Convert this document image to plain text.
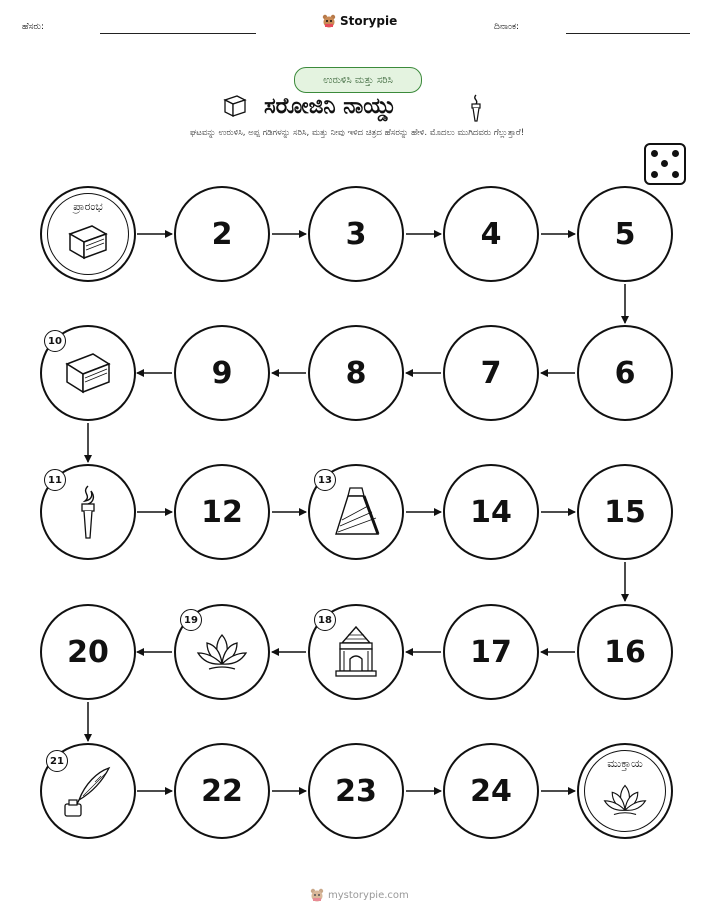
ಹೆಸರು:	Storypie	ದಿನಾಂಕ:
ಉರುಳಿಸಿ ಮತ್ತು ಸರಿಸಿ
ಸರೋಜಿನಿ ನಾಯ್ಡು
ಘಟವನ್ನು ಉರುಳಿಸಿ, ಅಪ್ಪ ಗಡಿಗಳನ್ನು ಸರಿಸಿ, ಮತ್ತು ನೀವು ಇಳಿದ ಚಿತ್ರದ ಹೆಸರನ್ನು ಹೇಳಿ. ಮೊದಲು ಮುಗಿದವರು ಗೆಲ್ಲುತ್ತಾರೆ!
ಪ್ರಾರಂಭ
2	3	4	5
6
7
8
9
10
11
12
13
14	15
16
17
18
19
20
21
22	23	24
ಮುಕ್ತಾಯ
mystorypie.com
